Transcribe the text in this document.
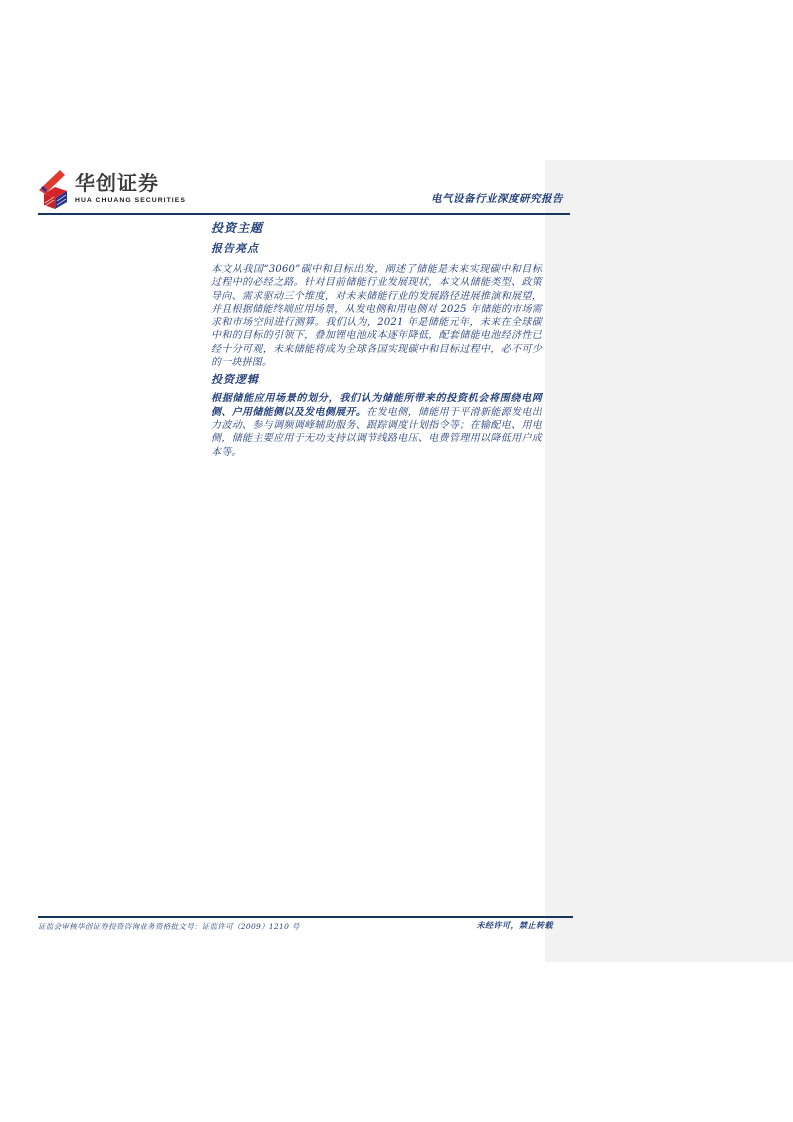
华创证券
HUA CHUANG SECURITIES	电气设备行业深度研究报告
投资主题
报告亮点

本文从我国“3060”碳中和目标出发，阐述了储能是未来实现碳中和目标过程中的必经之路。针对目前储能行业发展现状，本文从储能类型、政策导向、需求驱动三个维度，对未来储能行业的发展路径进展推演和展望，并且根据储能终端应用场景，从发电侧和用电侧对 2025 年储能的市场需求和市场空间进行测算。我们认为，2021 年是储能元年，未来在全球碳中和的目标的引领下，叠加锂电池成本逐年降低，配套储能电池经济性已经十分可观，未来储能将成为全球各国实现碳中和目标过程中，必不可少的一块拼图。

投资逻辑

根据储能应用场景的划分，我们认为储能所带来的投资机会将围绕电网侧、户用储能侧以及发电侧展开。在发电侧，储能用于平滑新能源发电出力波动、参与调频调峰辅助服务、跟踪调度计划指令等；在输配电、用电侧，储能主要应用于无功支持以调节线路电压、电费管理用以降低用户成本等。

证监会审核华创证券投资咨询业务资格批文号：证监许可（2009）1210 号	未经许可，禁止转载
